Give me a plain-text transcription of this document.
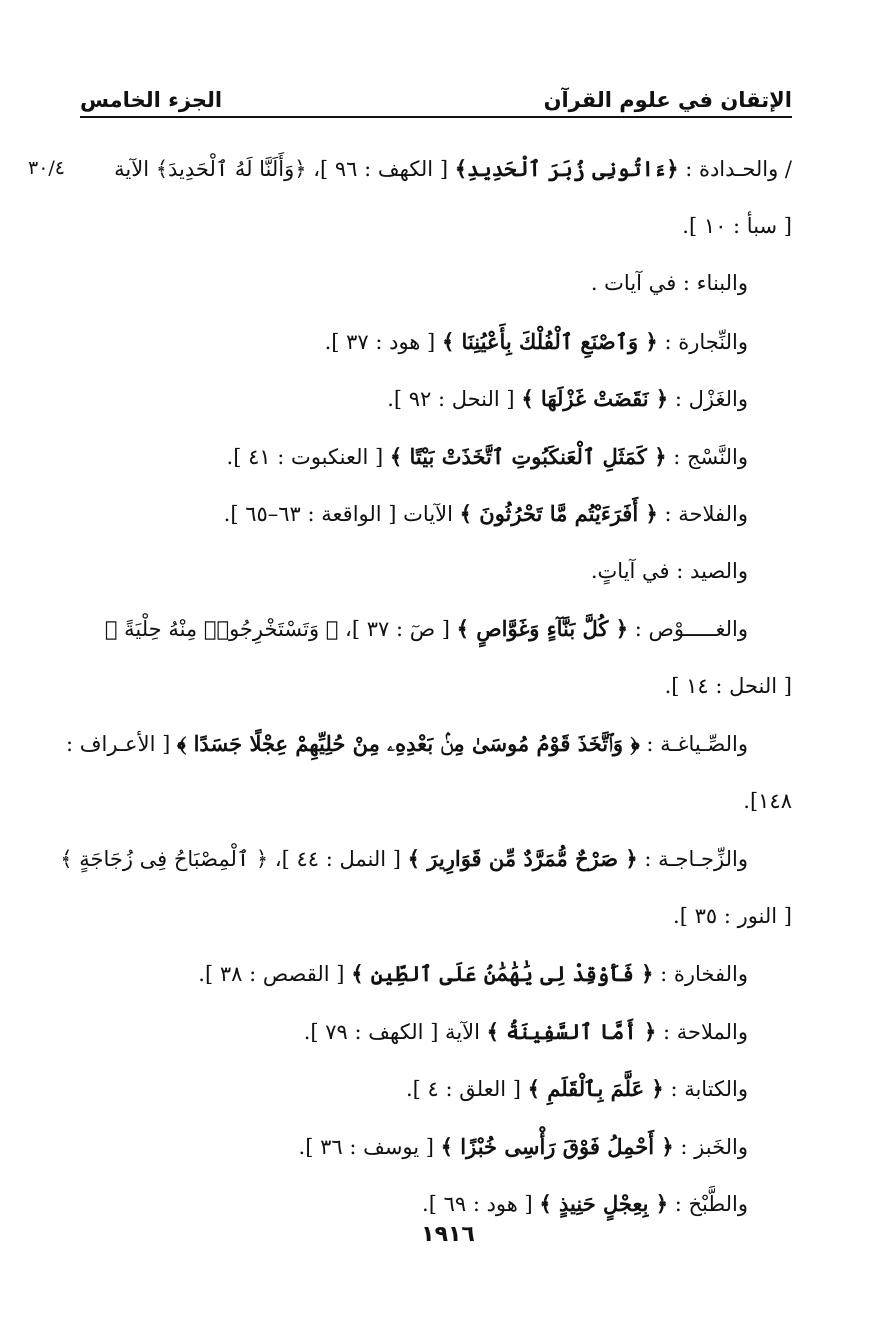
الإتقان في علوم القرآن
الجزء الخامس
٣٠/٤	/ والحـدادة : ﴿ءَاتُونِى زُبَرَ ٱلْحَدِيدِ﴾ [ الكهف : ٩٦ ]، ﴿وَأَلَنَّا لَهُ ٱلْحَدِيدَ﴾ الآية
[ سبأ : ١٠ ].
والبناء : في آيات .
والنِّجارة : ﴿ وَٱصْنَعِ ٱلْفُلْكَ بِأَعْيُنِنَا ﴾ [ هود : ٣٧ ].
والغَزْل : ﴿ نَقَضَتْ غَزْلَهَا ﴾ [ النحل : ٩٢ ].
والنَّسْج : ﴿ كَمَثَلِ ٱلْعَنكَبُوتِ ٱتَّخَذَتْ بَيْتًا ﴾ [ العنكبوت : ٤١ ].
والفلاحة : ﴿ أَفَرَءَيْتُم مَّا تَحْرُثُونَ ﴾ الآيات [ الواقعة : ٦٣–٦٥ ].
والصيد : في آياتٍ.
والغـــــوْص : ﴿ كُلَّ بَنَّآءٍ وَغَوَّاصٍ ﴾ [ صٓ : ٣٧ ]، ﴿ وَتَسْتَخْرِجُوا۟ مِنْهُ حِلْيَةً ﴾
[ النحل : ١٤ ].
والصِّـياغـة : ﴿ وَٱتَّخَذَ قَوْمُ مُوسَىٰ مِنۢ بَعْدِهِۦ مِنْ حُلِيِّهِمْ عِجْلًا جَسَدًا ﴾ [ الأعـراف :
١٤٨].
والزِّجـاجـة : ﴿ صَرْحٌ مُّمَرَّدٌ مِّن قَوَارِيرَ ﴾ [ النمل : ٤٤ ]، ﴿ ٱلْمِصْبَاحُ فِى زُجَاجَةٍ ﴾
[ النور : ٣٥ ].
والفخارة : ﴿ فَأَوْقِدْ لِى يَٰهَٰمَٰنُ عَلَى ٱلطِّينِ ﴾ [ القصص : ٣٨ ].
والملاحة : ﴿ أَمَّا ٱلسَّفِينَةُ ﴾ الآية [ الكهف : ٧٩ ].
والكتابة : ﴿ عَلَّمَ بِٱلْقَلَمِ ﴾ [ العلق : ٤ ].
والخَبز : ﴿ أَحْمِلُ فَوْقَ رَأْسِى خُبْزًا ﴾ [ يوسف : ٣٦ ].
والطَّبْخ : ﴿ بِعِجْلٍ حَنِيذٍ ﴾ [ هود : ٦٩ ].
١٩١٦
